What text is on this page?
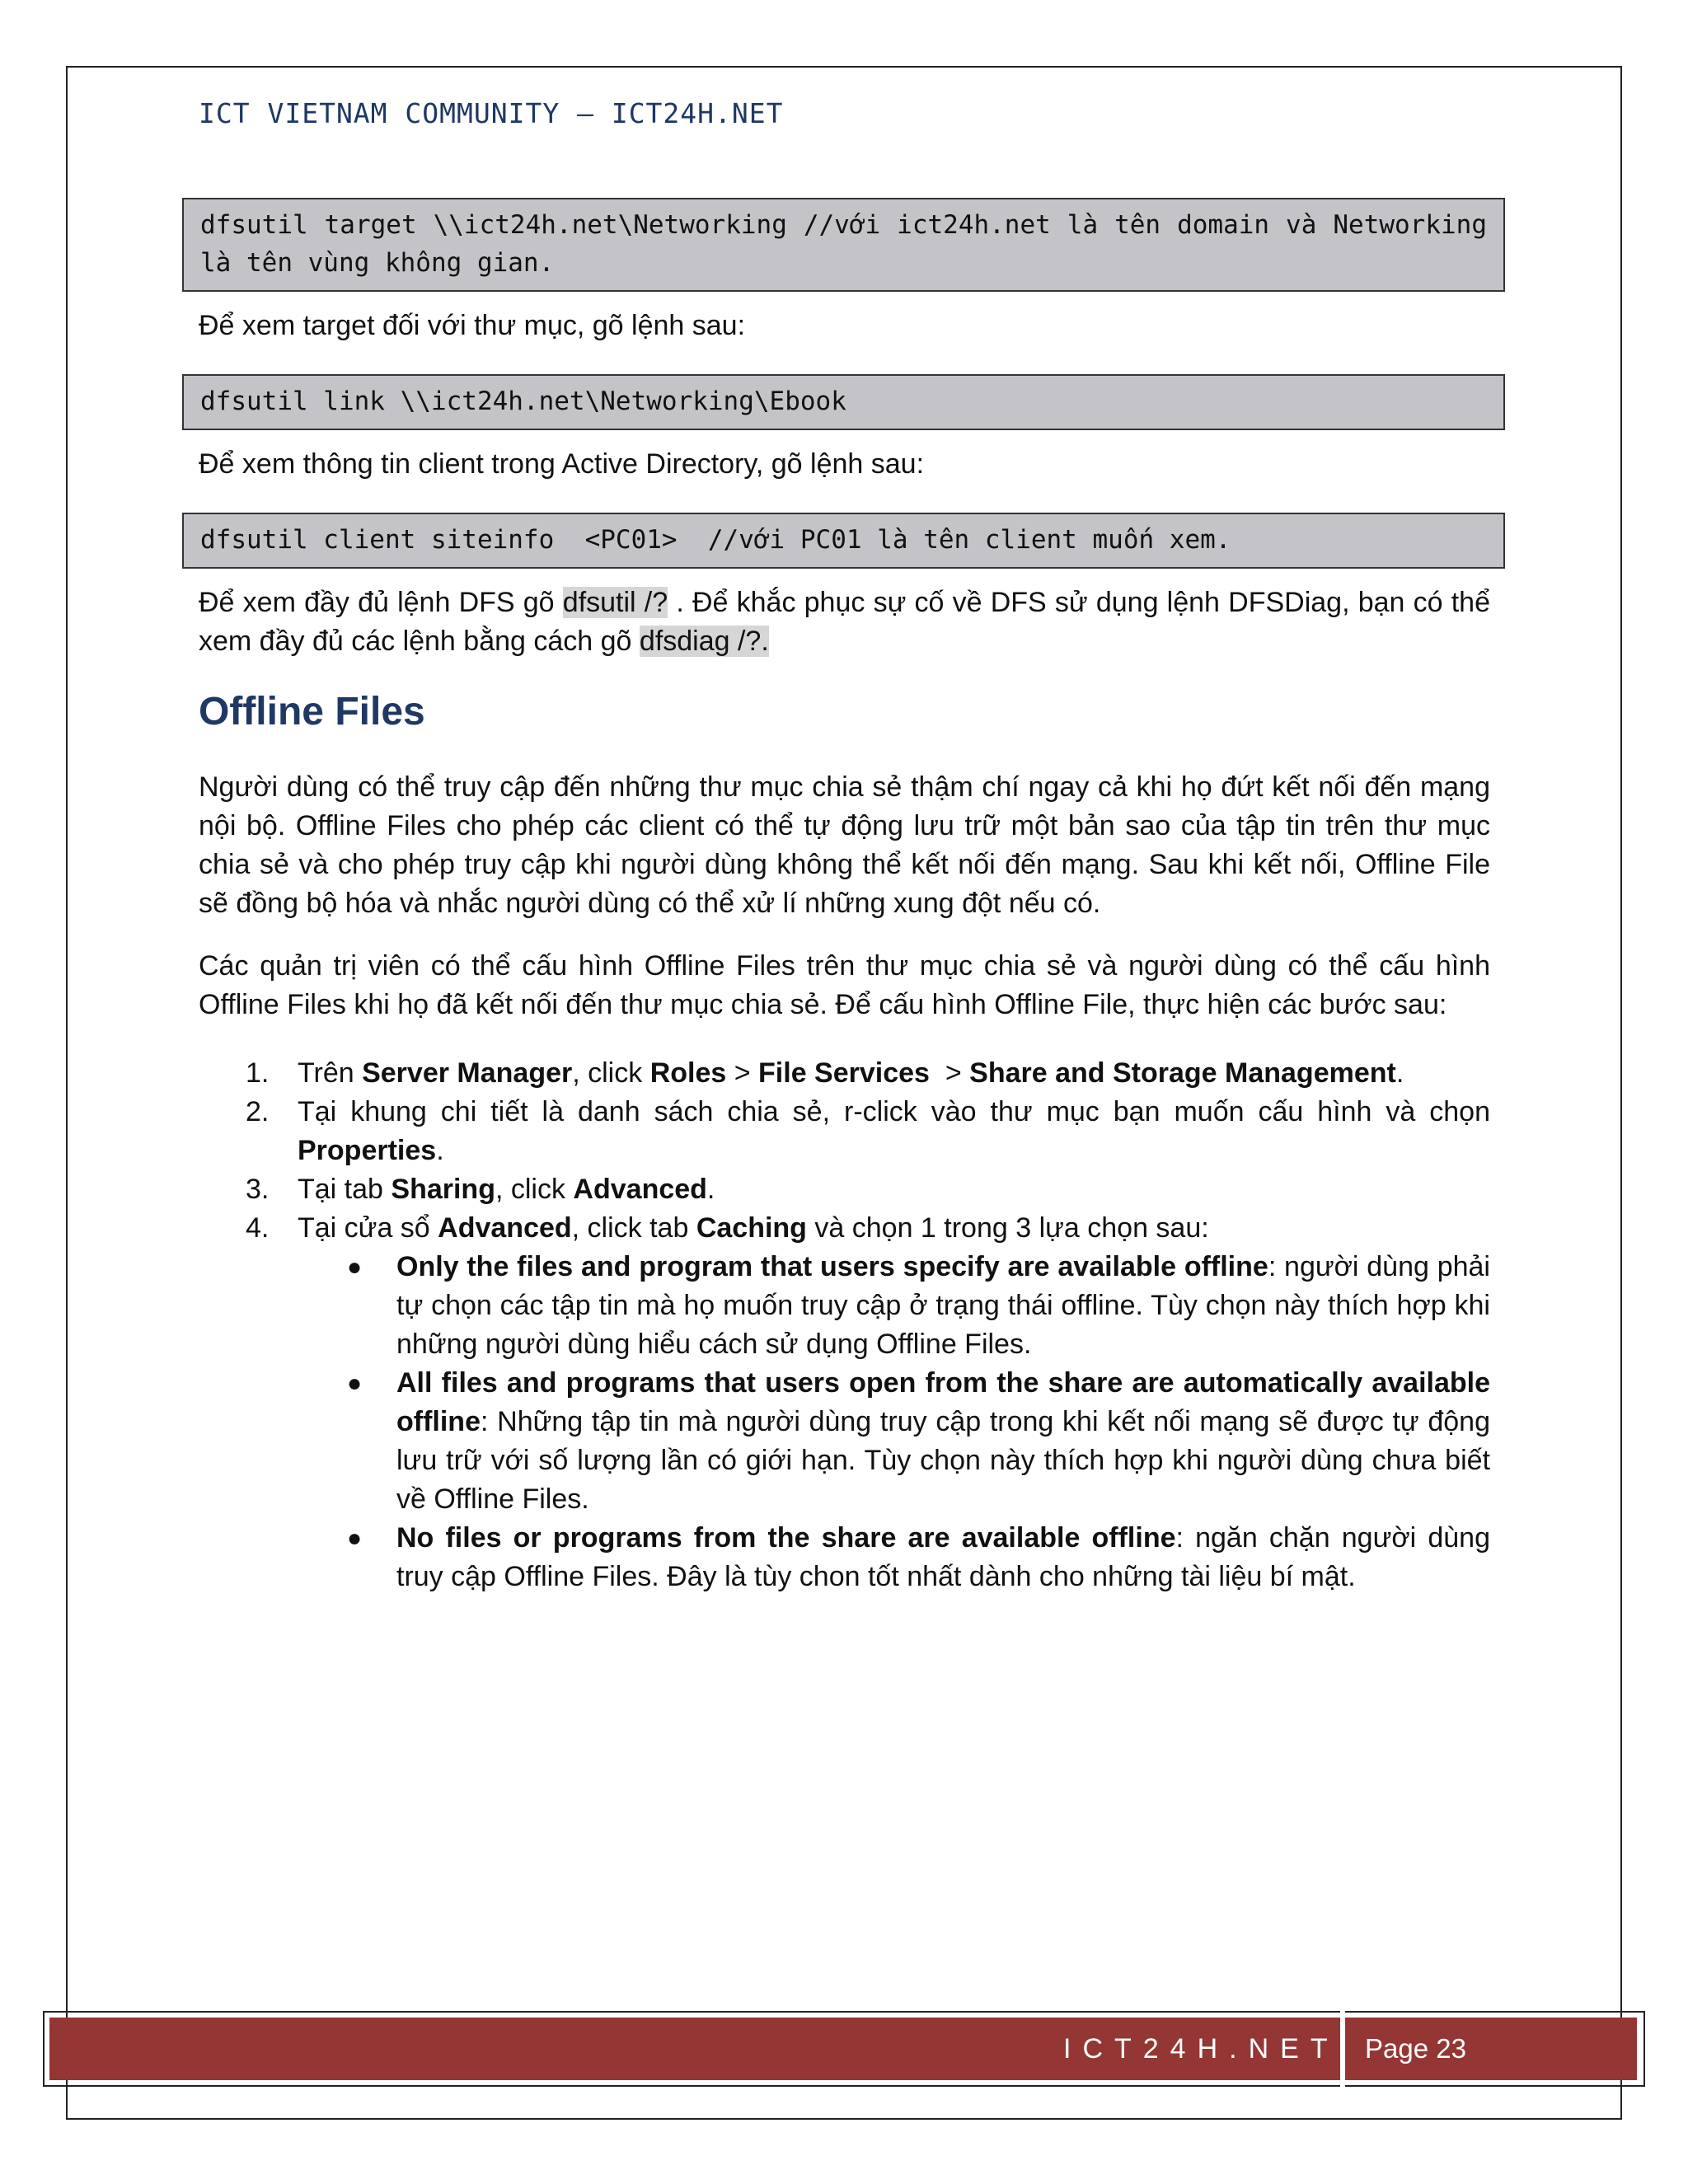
ICT VIETNAM COMMUNITY – ICT24H.NET
dfsutil target \\ict24h.net\Networking //với ict24h.net là tên domain và Networking là tên vùng không gian.

Để xem target đối với thư mục, gõ lệnh sau:

dfsutil link \\ict24h.net\Networking\Ebook

Để xem thông tin client trong Active Directory, gõ lệnh sau:

dfsutil client siteinfo  <PC01>  //với PC01 là tên client muốn xem.

Để xem đầy đủ lệnh DFS gõ dfsutil /? . Để khắc phục sự cố về DFS sử dụng lệnh DFSDiag, bạn có thể xem đầy đủ các lệnh bằng cách gõ dfsdiag /?.

Offline Files

Người dùng có thể truy cập đến những thư mục chia sẻ thậm chí ngay cả khi họ đứt kết nối đến mạng nội bộ. Offline Files cho phép các client có thể tự động lưu trữ một bản sao của tập tin trên thư mục chia sẻ và cho phép truy cập khi người dùng không thể kết nối đến mạng. Sau khi kết nối, Offline File sẽ đồng bộ hóa và nhắc người dùng có thể xử lí những xung đột nếu có.

Các quản trị viên có thể cấu hình Offline Files trên thư mục chia sẻ và người dùng có thể cấu hình Offline Files khi họ đã kết nối đến thư mục chia sẻ. Để cấu hình Offline File, thực hiện các bước sau:

1. Trên Server Manager, click Roles > File Services  > Share and Storage Management.
2. Tại khung chi tiết là danh sách chia sẻ, r-click vào thư mục bạn muốn cấu hình và chọn Properties.
3. Tại tab Sharing, click Advanced.
4. Tại cửa sổ Advanced, click tab Caching và chọn 1 trong 3 lựa chọn sau:
● Only the files and program that users specify are available offline: người dùng phải tự chọn các tập tin mà họ muốn truy cập ở trạng thái offline. Tùy chọn này thích hợp khi những người dùng hiểu cách sử dụng Offline Files.
● All files and programs that users open from the share are automatically available offline: Những tập tin mà người dùng truy cập trong khi kết nối mạng sẽ được tự động lưu trữ với số lượng lần có giới hạn. Tùy chọn này thích hợp khi người dùng chưa biết về Offline Files.
● No files or programs from the share are available offline: ngăn chặn người dùng truy cập Offline Files. Đây là tùy chon tốt nhất dành cho những tài liệu bí mật.
ICT24H.NET Page 23
